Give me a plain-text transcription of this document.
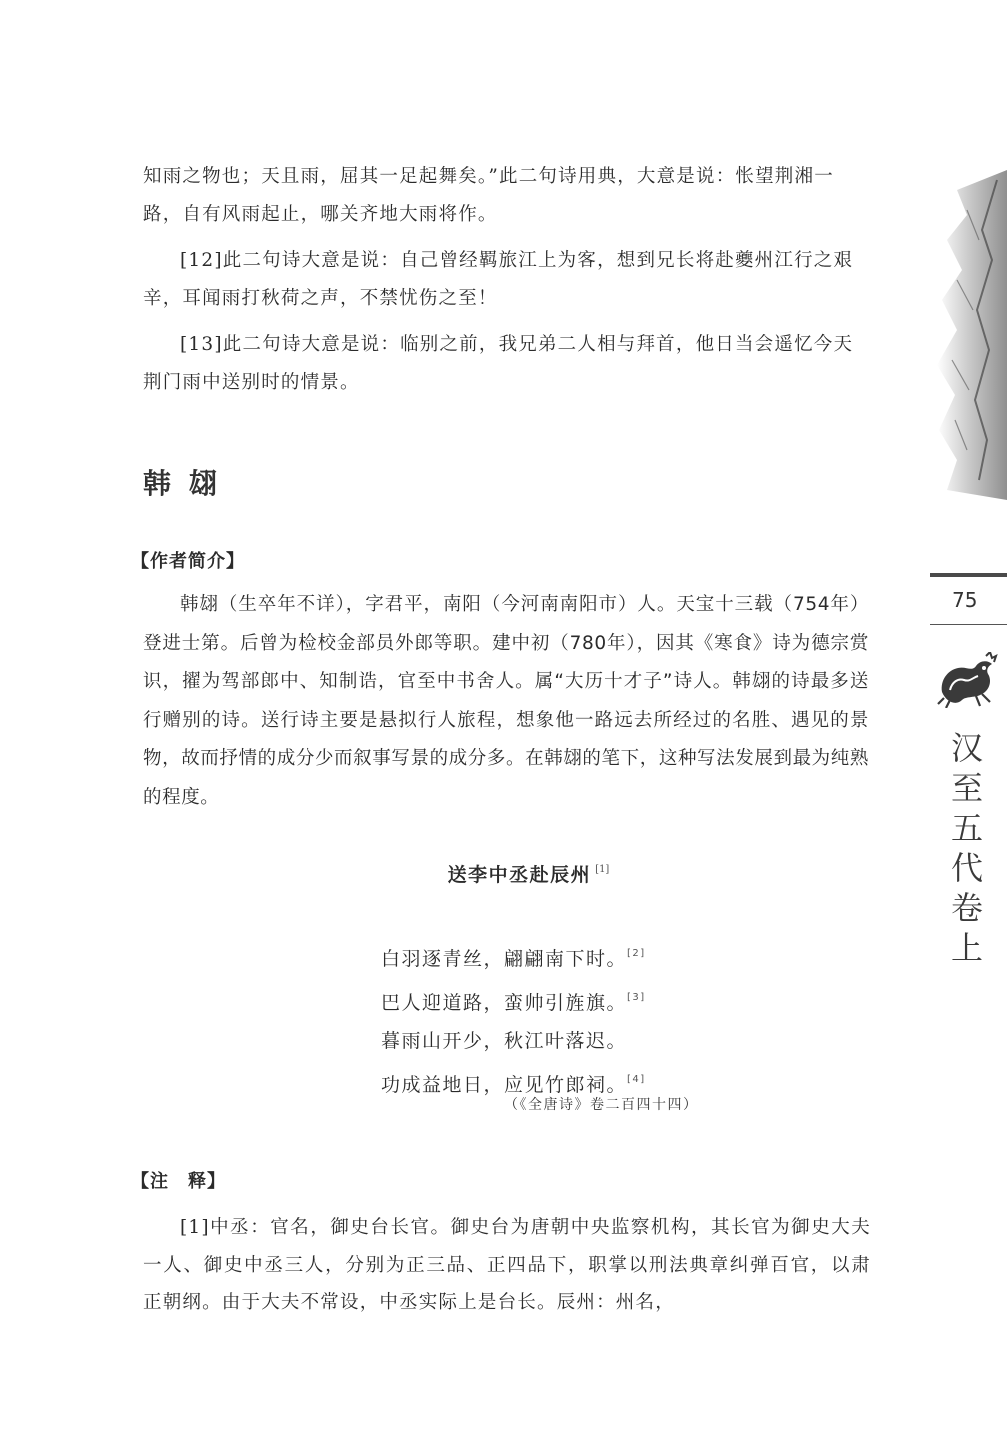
知雨之物也；天且雨，屈其一足起舞矣。”此二句诗用典，大意是说：怅望荆湘一路，自有风雨起止，哪关齐地大雨将作。

[12]此二句诗大意是说：自己曾经羁旅江上为客，想到兄长将赴夔州江行之艰辛，耳闻雨打秋荷之声，不禁忧伤之至！

[13]此二句诗大意是说：临别之前，我兄弟二人相与拜首，他日当会遥忆今天荆门雨中送别时的情景。

韩翃
【作者简介】

韩翃（生卒年不详），字君平，南阳（今河南南阳市）人。天宝十三载（754年）登进士第。后曾为检校金部员外郎等职。建中初（780年），因其《寒食》诗为德宗赏识，擢为驾部郎中、知制诰，官至中书舍人。属“大历十才子”诗人。韩翃的诗最多送行赠别的诗。送行诗主要是悬拟行人旅程，想象他一路远去所经过的名胜、遇见的景物，故而抒情的成分少而叙事写景的成分多。在韩翃的笔下，这种写法发展到最为纯熟的程度。

送李中丞赴辰州 [1]
白羽逐青丝，翩翩南下时。[2]
巴人迎道路，蛮帅引旌旗。[3]
暮雨山开少，秋江叶落迟。
功成益地日，应见竹郎祠。[4]
（《全唐诗》卷二百四十四）
【注　释】

[1]中丞：官名，御史台长官。御史台为唐朝中央监察机构，其长官为御史大夫一人、御史中丞三人，分别为正三品、正四品下，职掌以刑法典章纠弹百官，以肃正朝纲。由于大夫不常设，中丞实际上是台长。辰州：州名，

75
汉
至
五
代
卷
上
